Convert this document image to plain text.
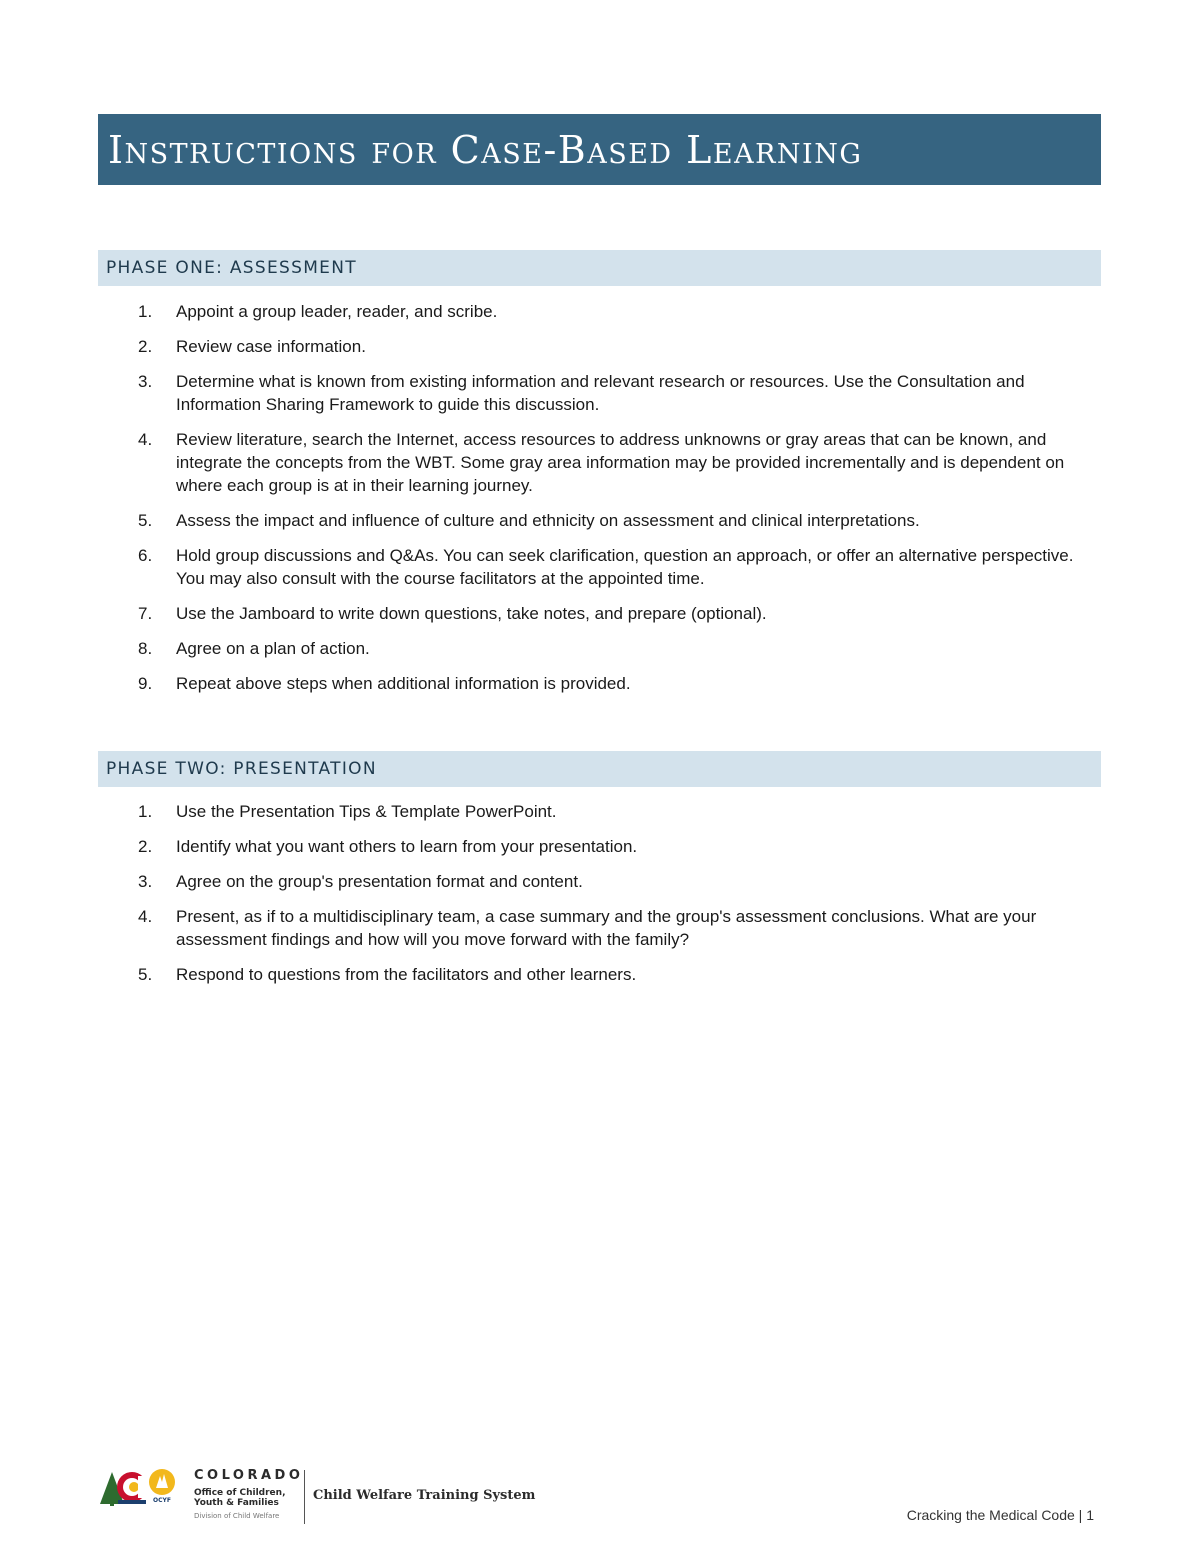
Instructions for Case-Based Learning
PHASE ONE: ASSESSMENT
1. Appoint a group leader, reader, and scribe.
2. Review case information.
3. Determine what is known from existing information and relevant research or resources. Use the Consultation and Information Sharing Framework to guide this discussion.
4. Review literature, search the Internet, access resources to address unknowns or gray areas that can be known, and integrate the concepts from the WBT. Some gray area information may be provided incrementally and is dependent on where each group is at in their learning journey.
5. Assess the impact and influence of culture and ethnicity on assessment and clinical interpretations.
6. Hold group discussions and Q&As. You can seek clarification, question an approach, or offer an alternative perspective. You may also consult with the course facilitators at the appointed time.
7. Use the Jamboard to write down questions, take notes, and prepare (optional).
8. Agree on a plan of action.
9. Repeat above steps when additional information is provided.
PHASE TWO: PRESENTATION
1. Use the Presentation Tips & Template PowerPoint.
2. Identify what you want others to learn from your presentation.
3. Agree on the group's presentation format and content.
4. Present, as if to a multidisciplinary team, a case summary and the group's assessment conclusions. What are your assessment findings and how will you move forward with the family?
5. Respond to questions from the facilitators and other learners.
OCYF
COLORADO
Office of Children, Youth & Families
Division of Child Welfare
Child Welfare Training System
Cracking the Medical Code | 1
